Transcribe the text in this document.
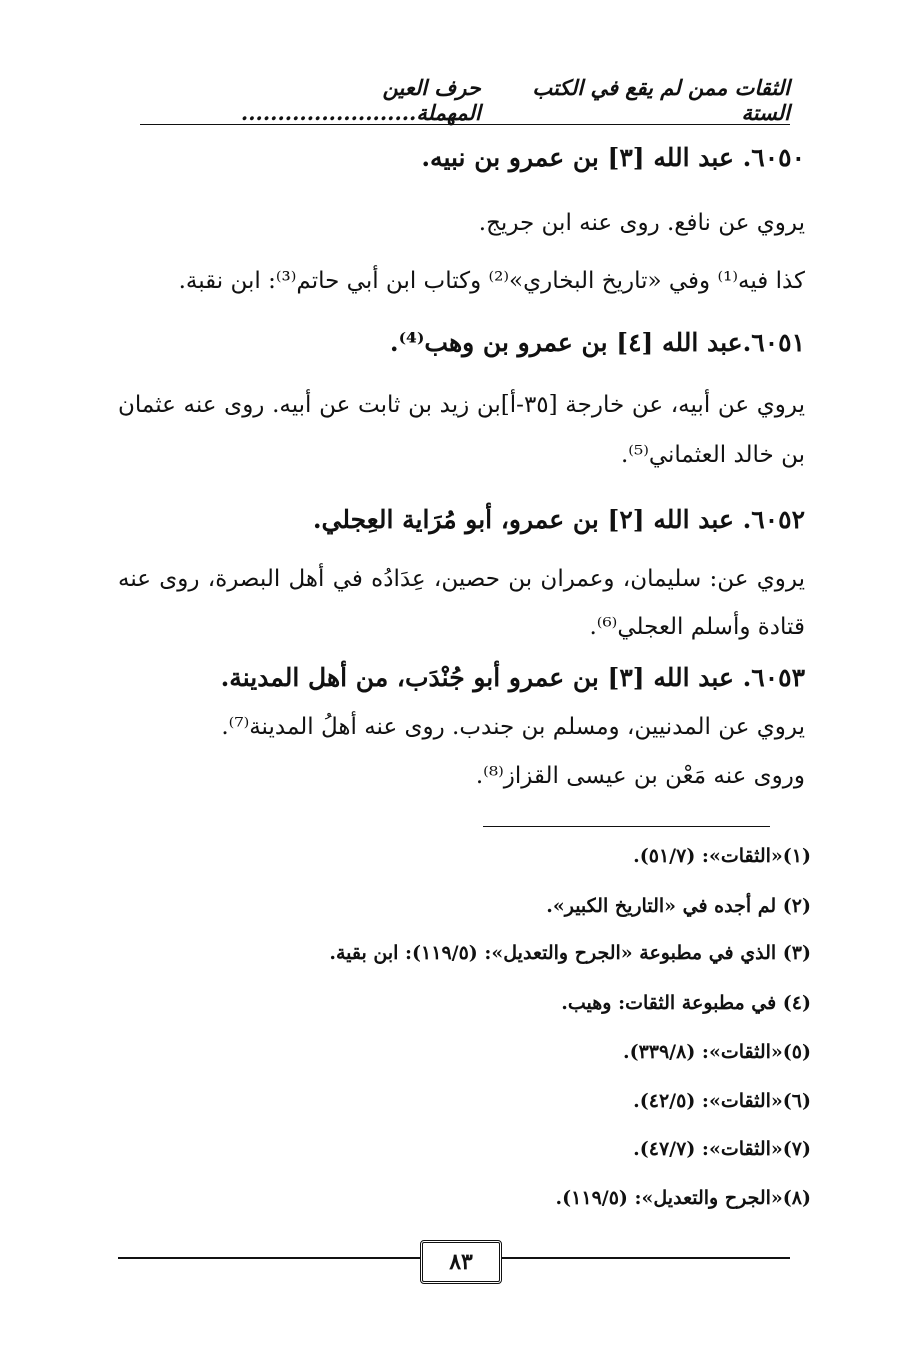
الثقات ممن لم يقع في الكتب الستة
حرف العين المهملة........................
٦٠٥٠. عبد الله [٣] بن عمرو بن نبيه.
يروي عن نافع. روى عنه ابن جريج.
كذا فيه⁽¹⁾ وفي «تاريخ البخاري»⁽²⁾ وكتاب ابن أبي حاتم⁽³⁾: ابن نقبة.
٦٠٥١.عبد الله [٤] بن عمرو بن وهب⁽⁴⁾.
يروي عن أبيه، عن خارجة [٣٥-أ]بن زيد بن ثابت عن أبيه. روى عنه عثمان
بن خالد العثماني⁽⁵⁾.
٦٠٥٢. عبد الله [٢] بن عمرو، أبو مُرَاية العِجلي.
يروي عن: سليمان، وعمران بن حصين، عِدَادُه في أهل البصرة، روى عنه
قتادة وأسلم العجلي⁽⁶⁾.
٦٠٥٣. عبد الله [٣] بن عمرو أبو جُنْدَب، من أهل المدينة.
يروي عن المدنيين، ومسلم بن جندب. روى عنه أهلُ المدينة⁽⁷⁾.
وروى عنه مَعْن بن عيسى القزاز⁽⁸⁾.
(١)«الثقات»: (٥١/٧).
(٢) لم أجده في «التاريخ الكبير».
(٣) الذي في مطبوعة «الجرح والتعديل»: (١١٩/٥): ابن بقية.
(٤) في مطبوعة الثقات: وهيب.
(٥)«الثقات»: (٣٣٩/٨).
(٦)«الثقات»: (٤٢/٥).
(٧)«الثقات»: (٤٧/٧).
(٨)«الجرح والتعديل»: (١١٩/٥).
٨٣
